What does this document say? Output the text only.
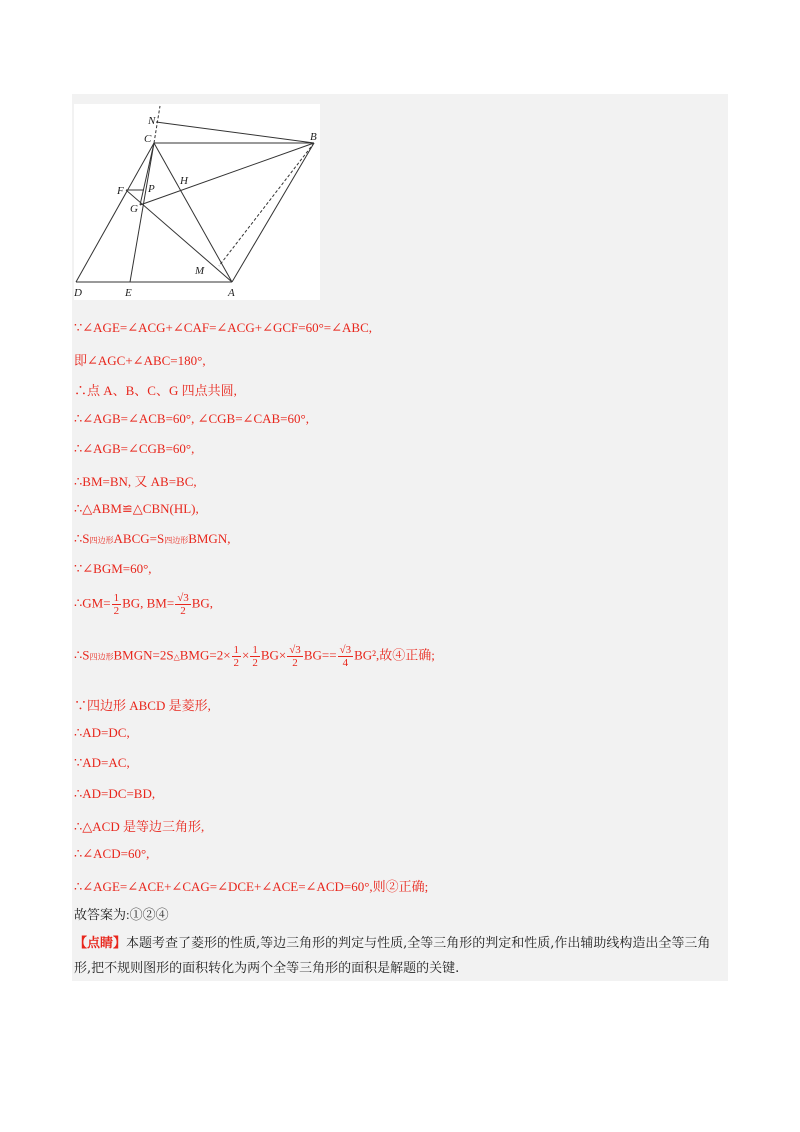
N
C	B
F P
H
G
M
D	E	A
∵∠AGE=∠ACG+∠CAF=∠ACG+∠GCF=60°=∠ABC,
即∠AGC+∠ABC=180°,
∴点 A、B、C、G 四点共圆,
∴∠AGB=∠ACB=60°, ∠CGB=∠CAB=60°,
∴∠AGB=∠CGB=60°,
∴BM=BN, 又 AB=BC,
∴△ABM≌△CBN(HL),
∴S四边形ABCG=S四边形BMGN,
∵∠BGM=60°,
∴GM= $\frac{1}{2}$ BG, $BM= \frac{√3}{2}$ BG,
∴S四边形BMGN=2S△BMG=2× $\frac{1}{2} \times \frac{1}{2} BG\times \frac{√3}{2} BG== \frac{√3}{4} BG^2$,故④正确;
∵四边形 ABCD 是菱形,
∴AD=DC,
∵AD=AC,
∴AD=DC=BD,
∴△ACD 是等边三角形,
∴∠ACD=60°,
∴∠AGE=∠ACE+∠CAG=∠DCE+∠ACE=∠ACD=60°,则②正确;
故答案为:①②④
【点睛】本题考查了菱形的性质,等边三角形的判定与性质,全等三角形的判定和性质,作出辅助线构造出全等三角形,把不规则图形的面积转化为两个全等三角形的面积是解题的关键.
